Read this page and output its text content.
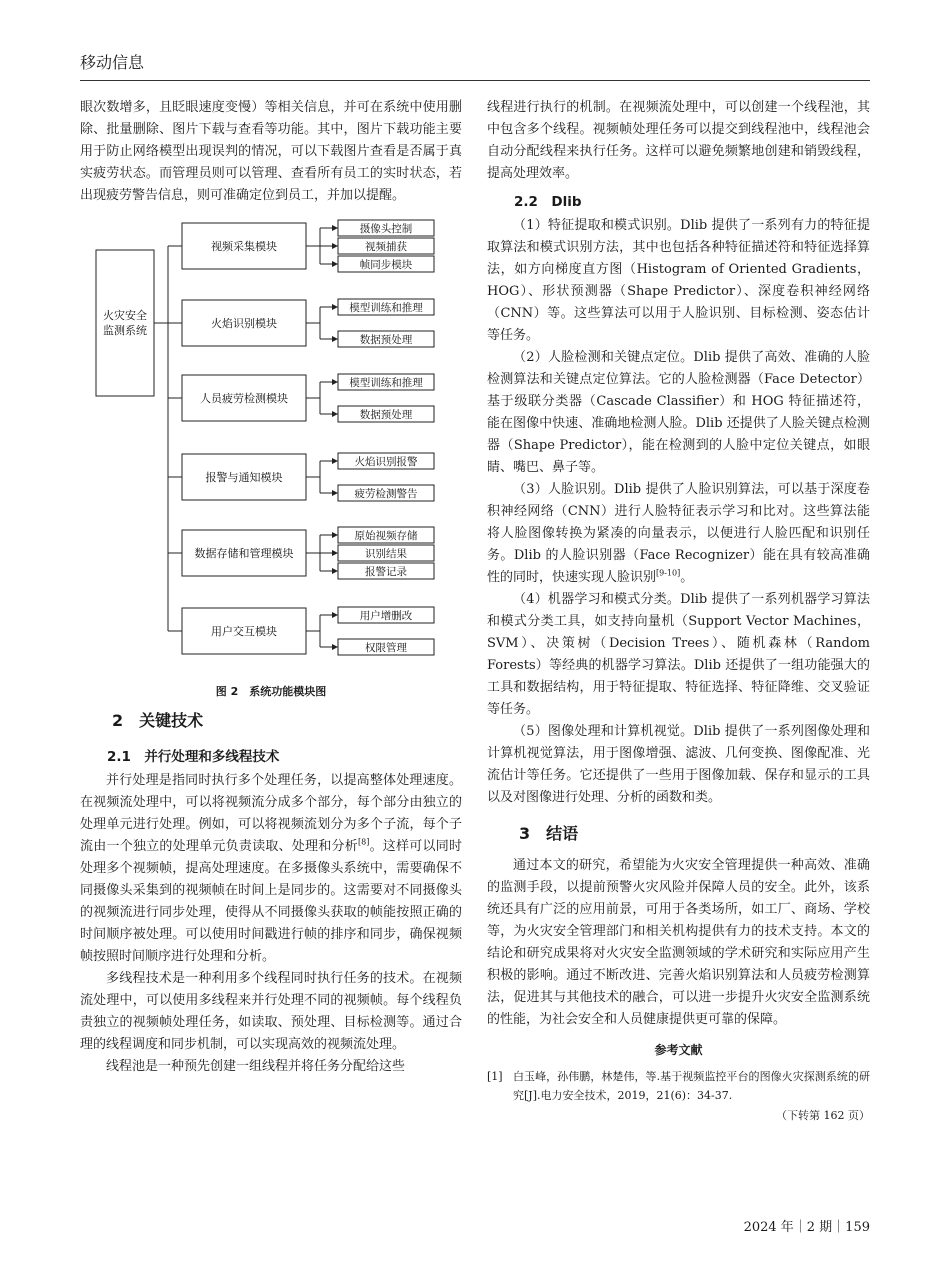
移动信息

眼次数增多，且眨眼速度变慢）等相关信息，并可在系统中使用删除、批量删除、图片下载与查看等功能。其中，图片下载功能主要用于防止网络模型出现误判的情况，可以下载图片查看是否属于真实疲劳状态。而管理员则可以管理、查看所有员工的实时状态，若出现疲劳警告信息，则可准确定位到员工，并加以提醒。

火灾安全
监测系统
视频采集模块
摄像头控制
视频捕获
帧同步模块
火焰识别模块
模型训练和推理
数据预处理
人员疲劳检测模块
模型训练和推理
数据预处理
报警与通知模块
火焰识别报警
疲劳检测警告
数据存储和管理模块
原始视频存储
识别结果
报警记录
用户交互模块
用户增删改
权限管理
图 2　系统功能模块图

2　关键技术

2.1　并行处理和多线程技术

并行处理是指同时执行多个处理任务，以提高整体处理速度。在视频流处理中，可以将视频流分成多个部分，每个部分由独立的处理单元进行处理。例如，可以将视频流划分为多个子流，每个子流由一个独立的处理单元负责读取、处理和分析[8]。这样可以同时处理多个视频帧，提高处理速度。在多摄像头系统中，需要确保不同摄像头采集到的视频帧在时间上是同步的。这需要对不同摄像头的视频流进行同步处理，使得从不同摄像头获取的帧能按照正确的时间顺序被处理。可以使用时间戳进行帧的排序和同步，确保视频帧按照时间顺序进行处理和分析。

多线程技术是一种利用多个线程同时执行任务的技术。在视频流处理中，可以使用多线程来并行处理不同的视频帧。每个线程负责独立的视频帧处理任务，如读取、预处理、目标检测等。通过合理的线程调度和同步机制，可以实现高效的视频流处理。

线程池是一种预先创建一组线程并将任务分配给这些

线程进行执行的机制。在视频流处理中，可以创建一个线程池，其中包含多个线程。视频帧处理任务可以提交到线程池中，线程池会自动分配线程来执行任务。这样可以避免频繁地创建和销毁线程，提高处理效率。

2.2　Dlib

（1）特征提取和模式识别。Dlib 提供了一系列有力的特征提取算法和模式识别方法，其中也包括各种特征描述符和特征选择算法，如方向梯度直方图（Histogram of Oriented Gradients，HOG）、形状预测器（Shape Predictor）、深度卷积神经网络（CNN）等。这些算法可以用于人脸识别、目标检测、姿态估计等任务。

（2）人脸检测和关键点定位。Dlib 提供了高效、准确的人脸检测算法和关键点定位算法。它的人脸检测器（Face Detector）基于级联分类器（Cascade Classifier）和 HOG 特征描述符，能在图像中快速、准确地检测人脸。Dlib 还提供了人脸关键点检测器（Shape Predictor），能在检测到的人脸中定位关键点，如眼睛、嘴巴、鼻子等。

（3）人脸识别。Dlib 提供了人脸识别算法，可以基于深度卷积神经网络（CNN）进行人脸特征表示学习和比对。这些算法能将人脸图像转换为紧凑的向量表示，以便进行人脸匹配和识别任务。Dlib 的人脸识别器（Face Recognizer）能在具有较高准确性的同时，快速实现人脸识别[9-10]。

（4）机器学习和模式分类。Dlib 提供了一系列机器学习算法和模式分类工具，如支持向量机（Support Vector Machines，SVM）、决策树（Decision Trees）、随机森林（Random Forests）等经典的机器学习算法。Dlib 还提供了一组功能强大的工具和数据结构，用于特征提取、特征选择、特征降维、交叉验证等任务。

（5）图像处理和计算机视觉。Dlib 提供了一系列图像处理和计算机视觉算法，用于图像增强、滤波、几何变换、图像配准、光流估计等任务。它还提供了一些用于图像加载、保存和显示的工具以及对图像进行处理、分析的函数和类。

3　结语

通过本文的研究，希望能为火灾安全管理提供一种高效、准确的监测手段，以提前预警火灾风险并保障人员的安全。此外，该系统还具有广泛的应用前景，可用于各类场所，如工厂、商场、学校等，为火灾安全管理部门和相关机构提供有力的技术支持。本文的结论和研究成果将对火灾安全监测领域的学术研究和实际应用产生积极的影响。通过不断改进、完善火焰识别算法和人员疲劳检测算法，促进其与其他技术的融合，可以进一步提升火灾安全监测系统的性能，为社会安全和人员健康提供更可靠的保障。

参考文献

[1] 白玉峰，孙伟鹏，林楚伟，等.基于视频监控平台的图像火灾探测系统的研究[J].电力安全技术，2019，21(6)：34-37.

（下转第 162 页）

2024 年｜2 期｜159
